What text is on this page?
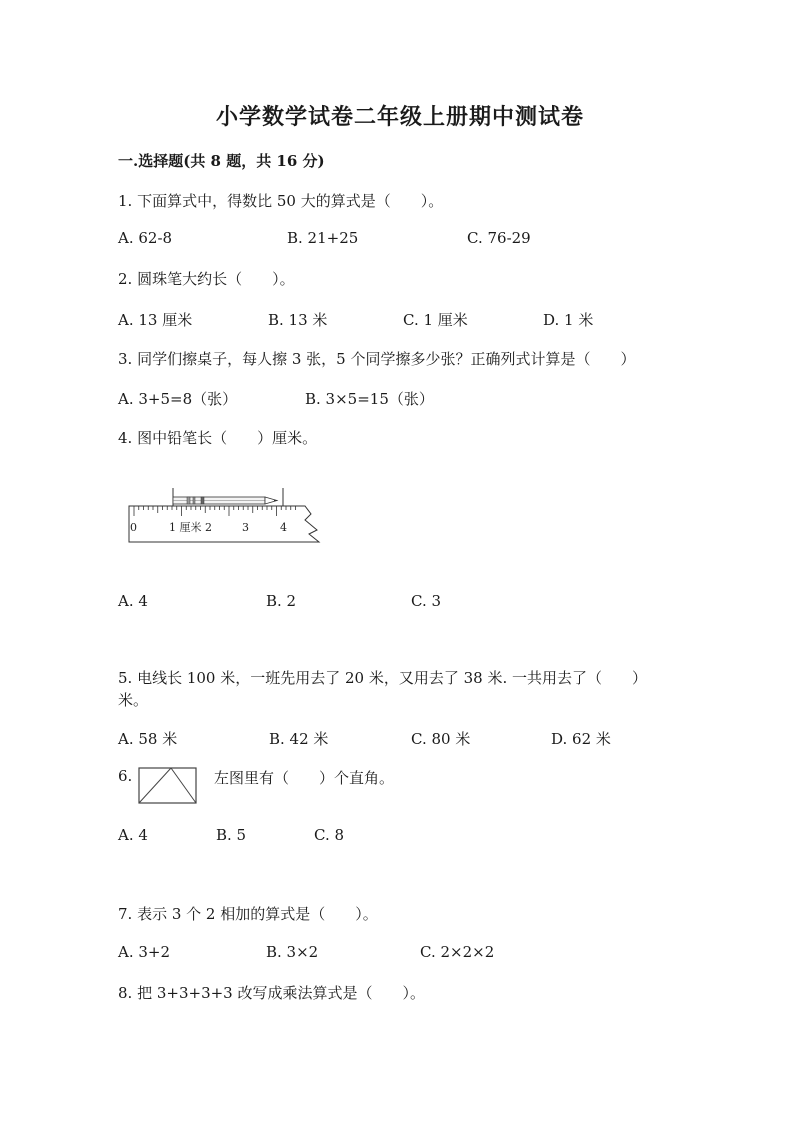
小学数学试卷二年级上册期中测试卷
一.选择题(共 8 题，共 16 分)
1. 下面算式中，得数比 50 大的算式是（　　）。
A. 62-8	B. 21+25	C. 76-29
2. 圆珠笔大约长（　　）。
A. 13 厘米	B. 13 米	C. 1 厘米	D. 1 米
3. 同学们擦桌子，每人擦 3 张，5 个同学擦多少张？正确列式计算是（　　）
A. 3+5=8（张）	B. 3×5=15（张）
4. 图中铅笔长（　　）厘米。
0	1 厘米 2	3	4
A. 4	B. 2	C. 3
5. 电线长 100 米，一班先用去了 20 米，又用去了 38 米. 一共用去了（　　）
米。
A. 58 米	B. 42 米	C. 80 米	D. 62 米
6.	左图里有（　　）个直角。
A. 4	B. 5	C. 8
7. 表示 3 个 2 相加的算式是（　　）。
A. 3+2	B. 3×2	C. 2×2×2
8. 把 3+3+3+3 改写成乘法算式是（　　）。
